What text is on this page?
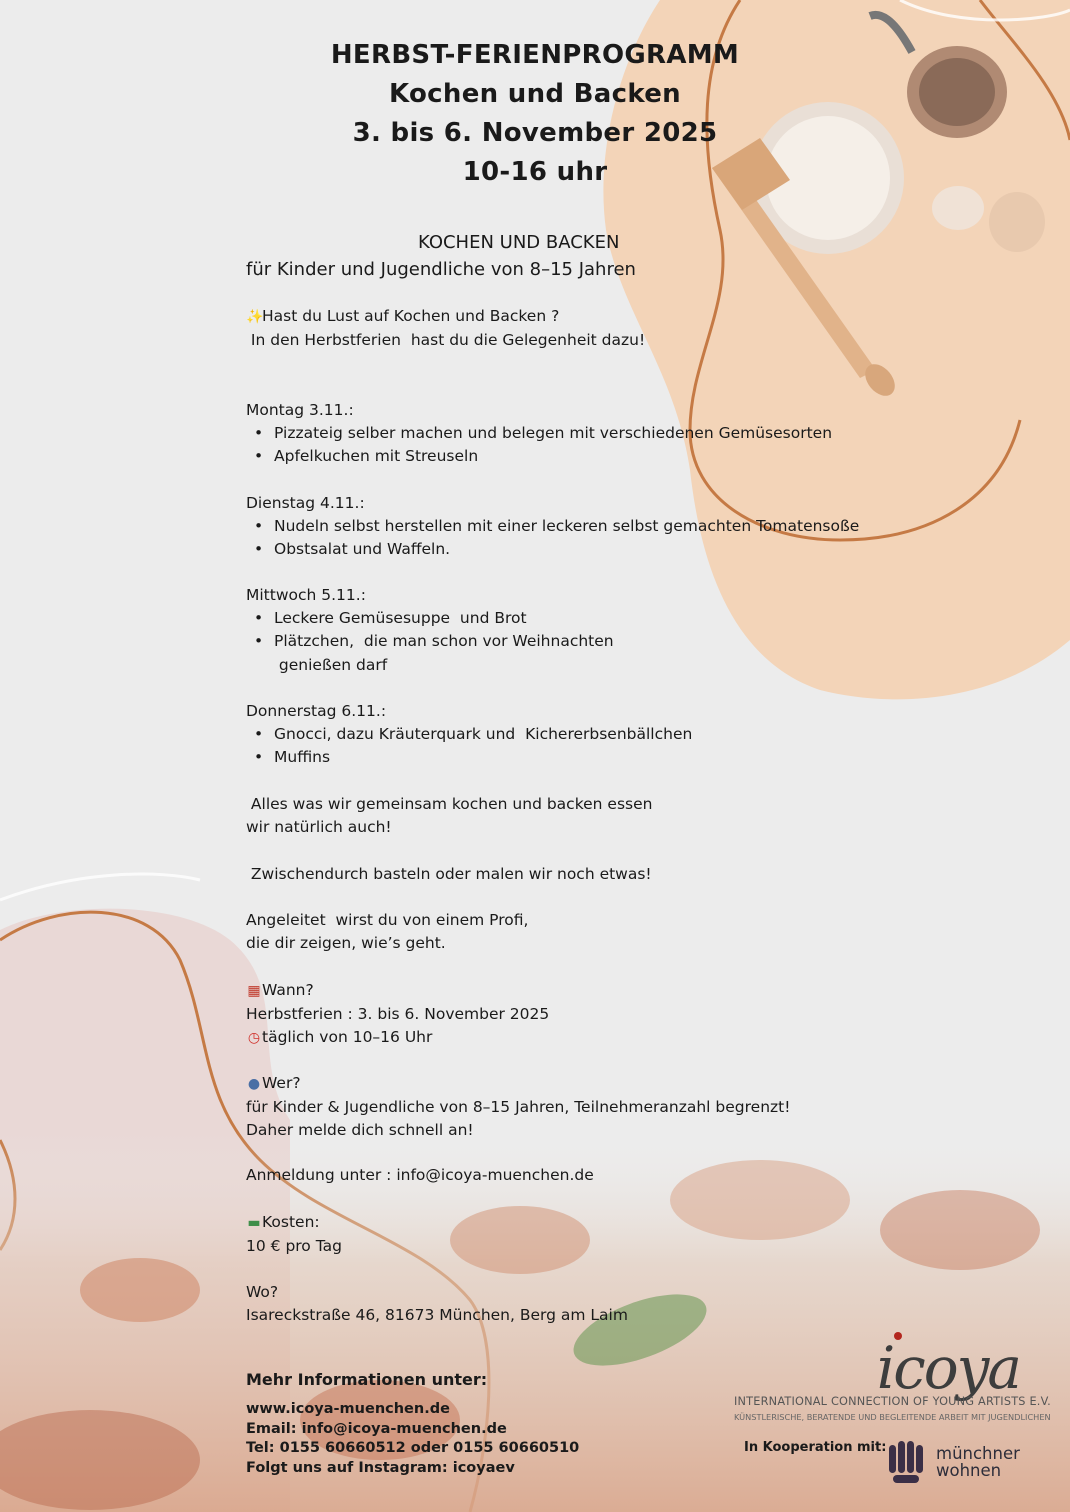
HERBST-FERIENPROGRAMM
Kochen und Backen
3. bis 6. November 2025
10-16 uhr
KOCHEN UND BACKEN
für Kinder und Jugendliche von 8–15 Jahren
✨Hast du Lust auf Kochen und Backen ?
In den Herbstferien  hast du die Gelegenheit dazu!
Montag 3.11.:
• Pizzateig selber machen und belegen mit verschiedenen Gemüsesorten
• Apfelkuchen mit Streuseln
Dienstag 4.11.:
• Nudeln selbst herstellen mit einer leckeren selbst gemachten Tomatensoße
• Obstsalat und Waffeln.
Mittwoch 5.11.:
• Leckere Gemüsesuppe  und Brot
• Plätzchen,  die man schon vor Weihnachten
genießen darf
Donnerstag 6.11.:
• Gnocci, dazu Kräuterquark und  Kichererbsenbällchen
• Muffins
Alles was wir gemeinsam kochen und backen essen
wir natürlich auch!
Zwischendurch basteln oder malen wir noch etwas!
Angeleitet  wirst du von einem Profi,
die dir zeigen, wie’s geht.
▦Wann?
Herbstferien : 3. bis 6. November 2025
◷ täglich von 10–16 Uhr
● Wer?
für Kinder & Jugendliche von 8–15 Jahren, Teilnehmeranzahl begrenzt!
Daher melde dich schnell an!
Anmeldung unter : info@icoya-muenchen.de
▬Kosten:
10 € pro Tag
Wo?
Isareckstraße 46, 81673 München, Berg am Laim
Mehr Informationen unter:
www.icoya-muenchen.de
Email: info@icoya-muenchen.de
Tel: 0155 60660512 oder 0155 60660510
Folgt uns auf Instagram: icoyaev
icoya
INTERNATIONAL CONNECTION OF YOUNG ARTISTS E.V.
KÜNSTLERISCHE, BERATENDE UND BEGLEITENDE ARBEIT MIT JUGENDLICHEN
In Kooperation mit:	münchner
wohnen
